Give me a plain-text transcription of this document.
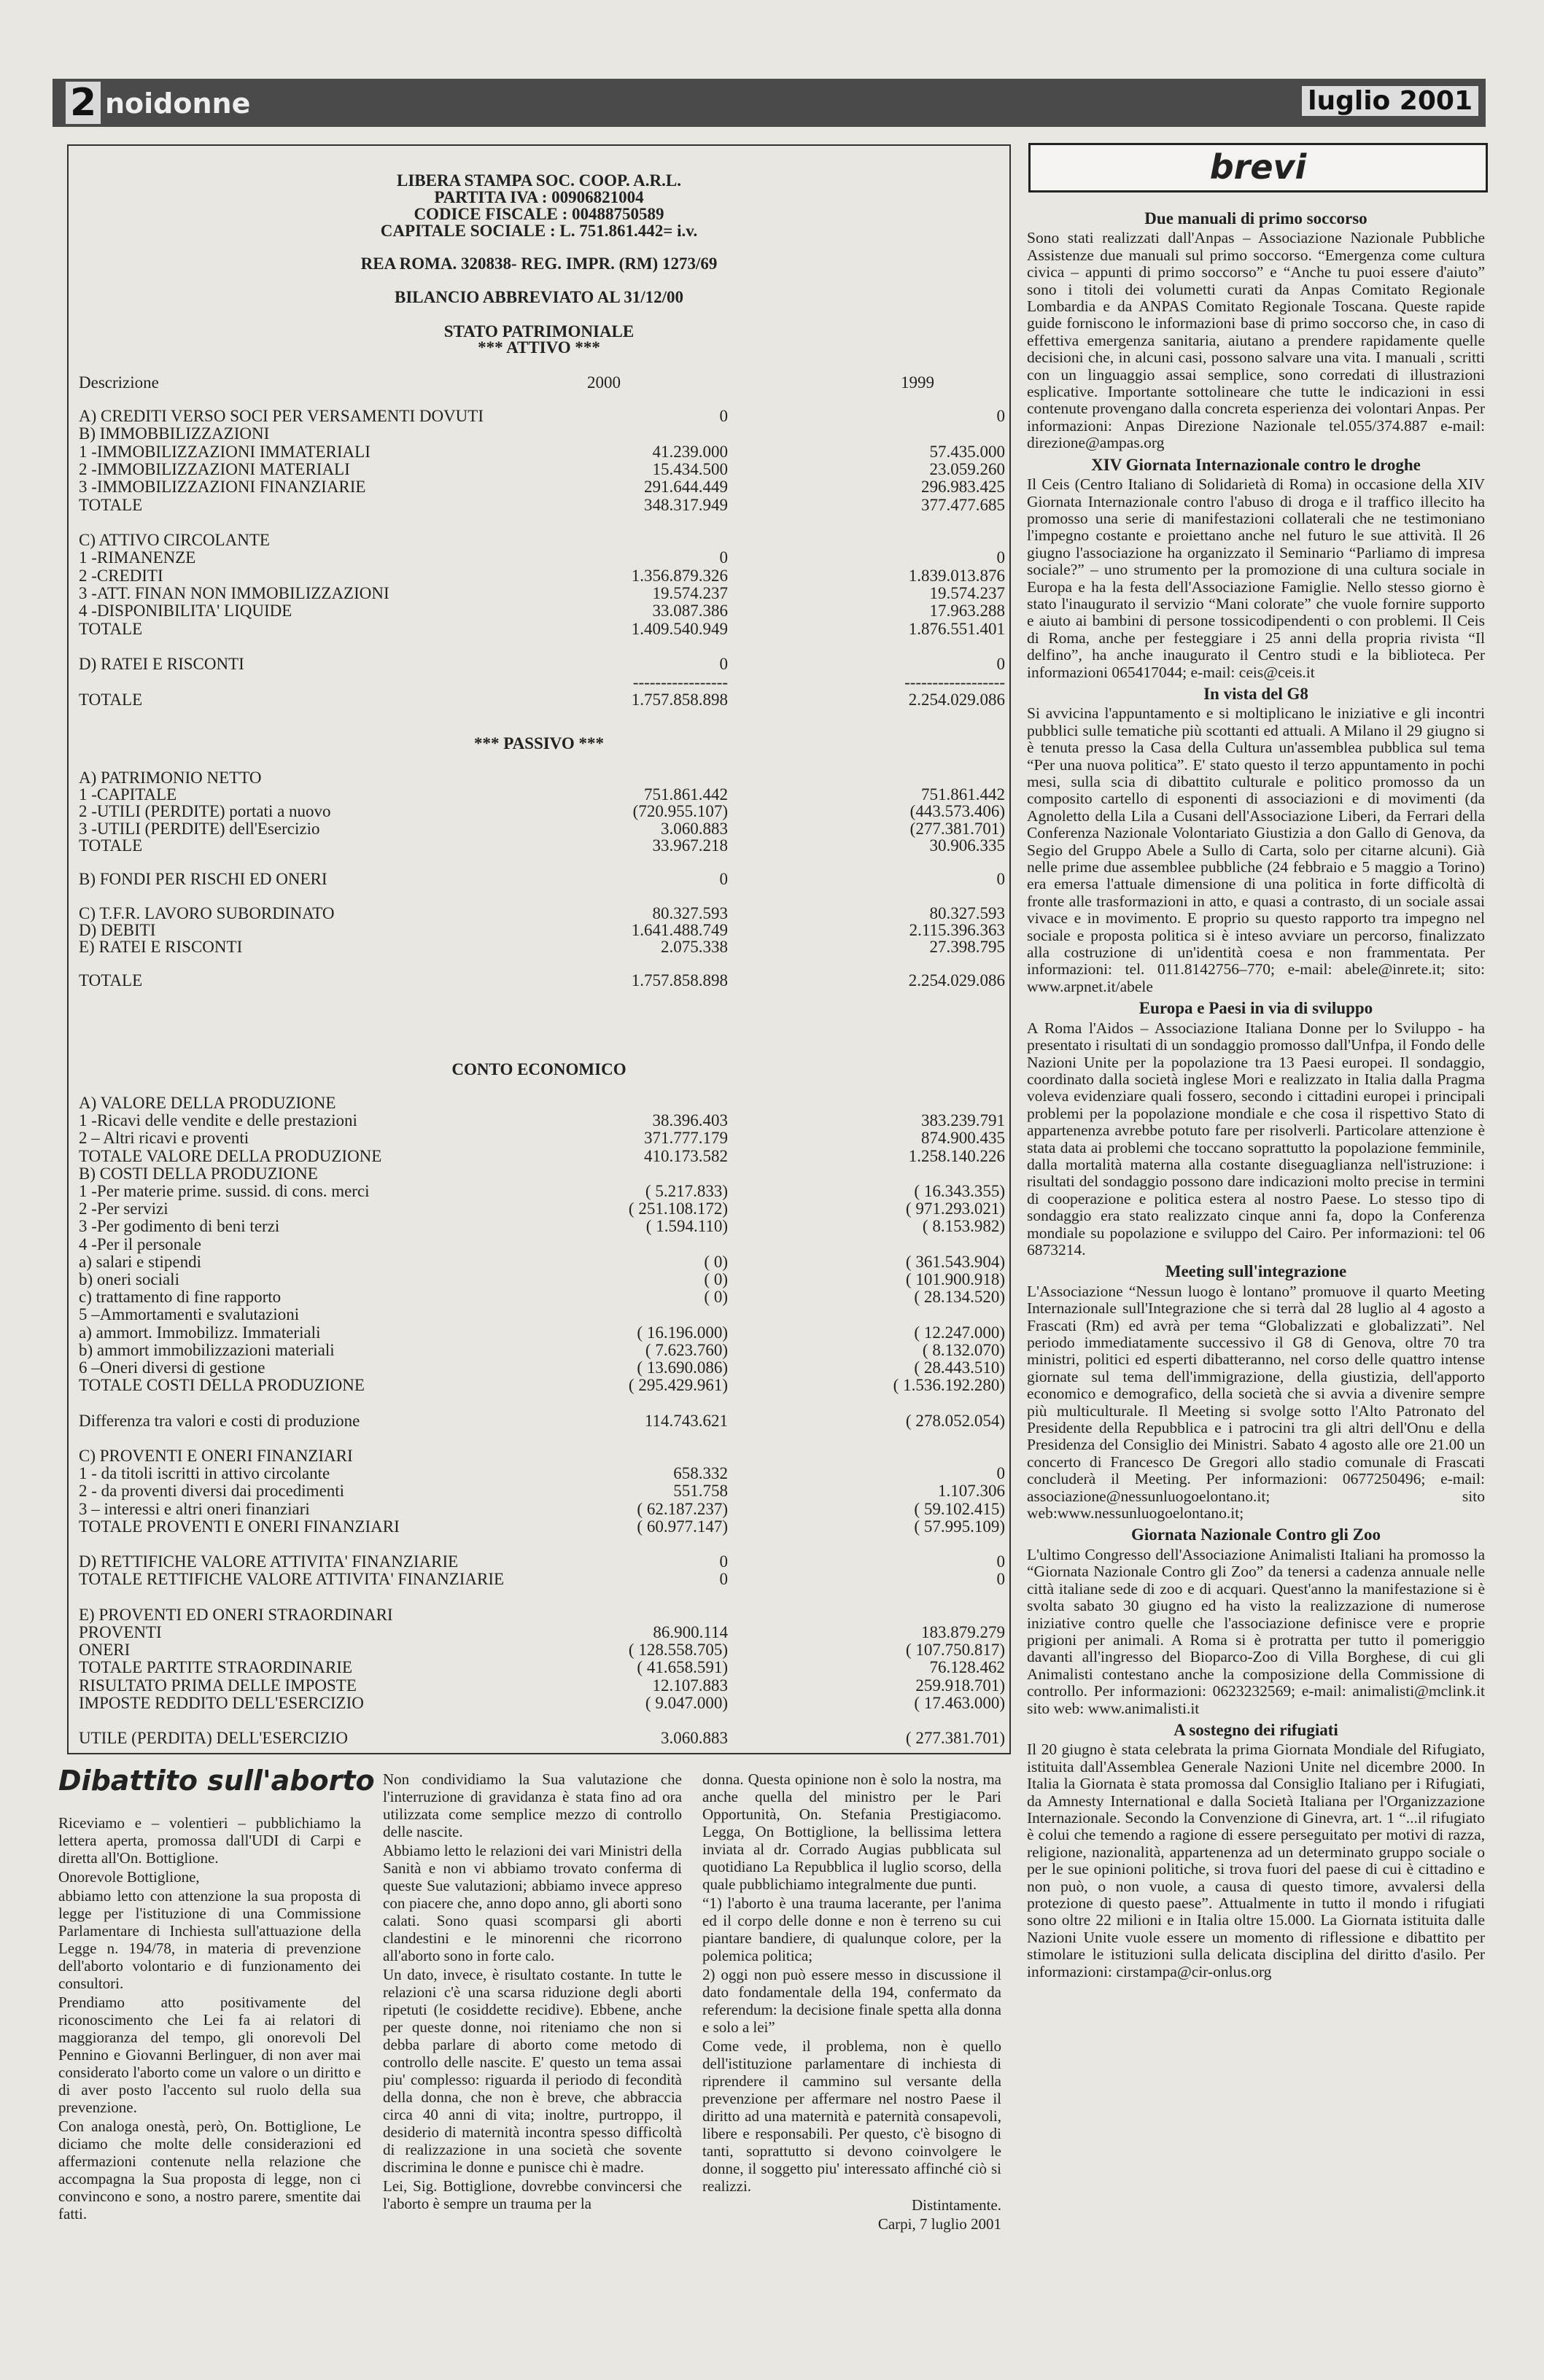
2 noidonne	luglio 2001
LIBERA STAMPA SOC. COOP. A.R.L.
PARTITA IVA : 00906821004
CODICE FISCALE : 00488750589
CAPITALE SOCIALE : L. 751.861.442= i.v.
REA ROMA. 320838- REG. IMPR. (RM) 1273/69
BILANCIO ABBREVIATO AL 31/12/00
STATO PATRIMONIALE
*** ATTIVO ***
Descrizione	2000	1999
A) CREDITI VERSO SOCI PER VERSAMENTI DOVUTI	0	0
B) IMMOBBILIZZAZIONI
1 -IMMOBILIZZAZIONI IMMATERIALI	41.239.000	57.435.000
2 -IMMOBILIZZAZIONI MATERIALI	15.434.500	23.059.260
3 -IMMOBILIZZAZIONI FINANZIARIE	291.644.449	296.983.425
TOTALE	348.317.949	377.477.685
C) ATTIVO CIRCOLANTE
1 -RIMANENZE	0	0
2 -CREDITI	1.356.879.326	1.839.013.876
3 -ATT. FINAN NON IMMOBILIZZAZIONI	19.574.237	19.574.237
4 -DISPONIBILITA' LIQUIDE	33.087.386	17.963.288
TOTALE	1.409.540.949	1.876.551.401
D) RATEI E RISCONTI	0	0
-----------------	------------------
TOTALE	1.757.858.898	2.254.029.086
*** PASSIVO ***
A) PATRIMONIO NETTO
1 -CAPITALE	751.861.442	751.861.442
2 -UTILI (PERDITE) portati a nuovo	(720.955.107)	(443.573.406)
3 -UTILI (PERDITE) dell'Esercizio	3.060.883	(277.381.701)
TOTALE	33.967.218	30.906.335
B) FONDI PER RISCHI ED ONERI	0	0
C) T.F.R. LAVORO SUBORDINATO	80.327.593	80.327.593
D) DEBITI	1.641.488.749	2.115.396.363
E) RATEI E RISCONTI	2.075.338	27.398.795
TOTALE	1.757.858.898	2.254.029.086
CONTO ECONOMICO
A) VALORE DELLA PRODUZIONE
1 -Ricavi delle vendite e delle prestazioni	38.396.403	383.239.791
2 – Altri ricavi e proventi	371.777.179	874.900.435
TOTALE VALORE DELLA PRODUZIONE	410.173.582	1.258.140.226
B) COSTI DELLA PRODUZIONE
1 -Per materie prime. sussid. di cons. merci	( 5.217.833)	( 16.343.355)
2 -Per servizi	( 251.108.172)	( 971.293.021)
3 -Per godimento di beni terzi	( 1.594.110)	( 8.153.982)
4 -Per il personale
a) salari e stipendi	( 0)	( 361.543.904)
b) oneri sociali	( 0)	( 101.900.918)
c) trattamento di fine rapporto	( 0)	( 28.134.520)
5 –Ammortamenti e svalutazioni
a) ammort. Immobilizz. Immateriali	( 16.196.000)	( 12.247.000)
b) ammort immobilizzazioni materiali	( 7.623.760)	( 8.132.070)
6 –Oneri diversi di gestione	( 13.690.086)	( 28.443.510)
TOTALE COSTI DELLA PRODUZIONE	( 295.429.961)	( 1.536.192.280)
Differenza tra valori e costi di produzione	114.743.621	( 278.052.054)
C) PROVENTI E ONERI FINANZIARI
1 - da titoli iscritti in attivo circolante	658.332	0
2 - da proventi diversi dai procedimenti	551.758	1.107.306
3 – interessi e altri oneri finanziari	( 62.187.237)	( 59.102.415)
TOTALE PROVENTI E ONERI FINANZIARI	( 60.977.147)	( 57.995.109)
D) RETTIFICHE VALORE ATTIVITA' FINANZIARIE	0	0
TOTALE RETTIFICHE VALORE ATTIVITA' FINANZIARIE	0	0
E) PROVENTI ED ONERI STRAORDINARI
PROVENTI	86.900.114	183.879.279
ONERI	( 128.558.705)	( 107.750.817)
TOTALE PARTITE STRAORDINARIE	( 41.658.591)	76.128.462
RISULTATO PRIMA DELLE IMPOSTE	12.107.883	259.918.701)
IMPOSTE REDDITO DELL'ESERCIZIO	( 9.047.000)	( 17.463.000)
UTILE (PERDITA) DELL'ESERCIZIO	3.060.883	( 277.381.701)
brevi
Due manuali di primo soccorso

Sono stati realizzati dall'Anpas – Associazione Nazionale Pubbliche Assistenze due manuali sul primo soccorso. “Emergenza come cultura civica – appunti di primo soccorso” e “Anche tu puoi essere d'aiuto” sono i titoli dei volumetti curati da Anpas Comitato Regionale Lombardia e da ANPAS Comitato Regionale Toscana. Queste rapide guide forniscono le informazioni base di primo soccorso che, in caso di effettiva emergenza sanitaria, aiutano a prendere rapidamente quelle decisioni che, in alcuni casi, possono salvare una vita. I manuali , scritti con un linguaggio assai semplice, sono corredati di illustrazioni esplicative. Importante sottolineare che tutte le indicazioni in essi contenute provengano dalla concreta esperienza dei volontari Anpas. Per informazioni: Anpas Direzione Nazionale tel.055/374.887 e-mail: direzione@ampas.org

XIV Giornata Internazionale contro le droghe

Il Ceis (Centro Italiano di Solidarietà di Roma) in occasione della XIV Giornata Internazionale contro l'abuso di droga e il traffico illecito ha promosso una serie di manifestazioni collaterali che ne testimoniano l'impegno costante e proiettano anche nel futuro le sue attività. Il 26 giugno l'associazione ha organizzato il Seminario “Parliamo di impresa sociale?” – uno strumento per la promozione di una cultura sociale in Europa e ha la festa dell'Associazione Famiglie. Nello stesso giorno è stato l'inaugurato il servizio “Mani colorate” che vuole fornire supporto e aiuto ai bambini di persone tossicodipendenti o con problemi. Il Ceis di Roma, anche per festeggiare i 25 anni della propria rivista “Il delfino”, ha anche inaugurato il Centro studi e la biblioteca. Per informazioni 065417044; e-mail: ceis@ceis.it

In vista del G8

Si avvicina l'appuntamento e si moltiplicano le iniziative e gli incontri pubblici sulle tematiche più scottanti ed attuali. A Milano il 29 giugno si è tenuta presso la Casa della Cultura un'assemblea pubblica sul tema “Per una nuova politica”. E' stato questo il terzo appuntamento in pochi mesi, sulla scia di dibattito culturale e politico promosso da un composito cartello di esponenti di associazioni e di movimenti (da Agnoletto della Lila a Cusani dell'Associazione Liberi, da Ferrari della Conferenza Nazionale Volontariato Giustizia a don Gallo di Genova, da Segio del Gruppo Abele a Sullo di Carta, solo per citarne alcuni). Già nelle prime due assemblee pubbliche (24 febbraio e 5 maggio a Torino) era emersa l'attuale dimensione di una politica in forte difficoltà di fronte alle trasformazioni in atto, e quasi a contrasto, di un sociale assai vivace e in movimento. E proprio su questo rapporto tra impegno nel sociale e proposta politica si è inteso avviare un percorso, finalizzato alla costruzione di un'identità coesa e non frammentata. Per informazioni: tel. 011.8142756–770; e-mail: abele@inrete.it; sito: www.arpnet.it/abele

Europa e Paesi in via di sviluppo

A Roma l'Aidos – Associazione Italiana Donne per lo Sviluppo - ha presentato i risultati di un sondaggio promosso dall'Unfpa, il Fondo delle Nazioni Unite per la popolazione tra 13 Paesi europei. Il sondaggio, coordinato dalla società inglese Mori e realizzato in Italia dalla Pragma voleva evidenziare quali fossero, secondo i cittadini europei i principali problemi per la popolazione mondiale e che cosa il rispettivo Stato di appartenenza avrebbe potuto fare per risolverli. Particolare attenzione è stata data ai problemi che toccano soprattutto la popolazione femminile, dalla mortalità materna alla costante diseguaglianza nell'istruzione: i risultati del sondaggio possono dare indicazioni molto precise in termini di cooperazione e politica estera al nostro Paese. Lo stesso tipo di sondaggio era stato realizzato cinque anni fa, dopo la Conferenza mondiale su popolazione e sviluppo del Cairo. Per informazioni: tel 06 6873214.

Meeting sull'integrazione

L'Associazione “Nessun luogo è lontano” promuove il quarto Meeting Internazionale sull'Integrazione che si terrà dal 28 luglio al 4 agosto a Frascati (Rm) ed avrà per tema “Globalizzati e globalizzati”. Nel periodo immediatamente successivo il G8 di Genova, oltre 70 tra ministri, politici ed esperti dibatteranno, nel corso delle quattro intense giornate sul tema dell'immigrazione, della giustizia, dell'apporto economico e demografico, della società che si avvia a divenire sempre più multiculturale. Il Meeting si svolge sotto l'Alto Patronato del Presidente della Repubblica e i patrocini tra gli altri dell'Onu e della Presidenza del Consiglio dei Ministri. Sabato 4 agosto alle ore 21.00 un concerto di Francesco De Gregori allo stadio comunale di Frascati concluderà il Meeting. Per informazioni: 0677250496; e-mail: associazione@nessunluogoelontano.it; sito web:www.nessunluogoelontano.it;

Giornata Nazionale Contro gli Zoo

L'ultimo Congresso dell'Associazione Animalisti Italiani ha promosso la “Giornata Nazionale Contro gli Zoo” da tenersi a cadenza annuale nelle città italiane sede di zoo e di acquari. Quest'anno la manifestazione si è svolta sabato 30 giugno ed ha visto la realizzazione di numerose iniziative contro quelle che l'associazione definisce vere e proprie prigioni per animali. A Roma si è protratta per tutto il pomeriggio davanti all'ingresso del Bioparco-Zoo di Villa Borghese, di cui gli Animalisti contestano anche la composizione della Commissione di controllo. Per informazioni: 0623232569; e-mail: animalisti@mclink.it sito web: www.animalisti.it

A sostegno dei rifugiati

Il 20 giugno è stata celebrata la prima Giornata Mondiale del Rifugiato, istituita dall'Assemblea Generale Nazioni Unite nel dicembre 2000. In Italia la Giornata è stata promossa dal Consiglio Italiano per i Rifugiati, da Amnesty International e dalla Società Italiana per l'Organizzazione Internazionale. Secondo la Convenzione di Ginevra, art. 1 “...il rifugiato è colui che temendo a ragione di essere perseguitato per motivi di razza, religione, nazionalità, appartenenza ad un determinato gruppo sociale o per le sue opinioni politiche, si trova fuori del paese di cui è cittadino e non può, o non vuole, a causa di questo timore, avvalersi della protezione di questo paese”. Attualmente in tutto il mondo i rifugiati sono oltre 22 milioni e in Italia oltre 15.000. La Giornata istituita dalle Nazioni Unite vuole essere un momento di riflessione e dibattito per stimolare le istituzioni sulla delicata disciplina del diritto d'asilo. Per informazioni: cirstampa@cir-onlus.org

Dibattito sull'aborto

Riceviamo e – volentieri – pubblichiamo la lettera aperta, promossa dall'UDI di Carpi e diretta all'On. Bottiglione.

Onorevole Bottiglione,

abbiamo letto con attenzione la sua proposta di legge per l'istituzione di una Commissione Parlamentare di Inchiesta sull'attuazione della Legge n. 194/78, in materia di prevenzione dell'aborto volontario e di funzionamento dei consultori.

Prendiamo atto positivamente del riconoscimento che Lei fa ai relatori di maggioranza del tempo, gli onorevoli Del Pennino e Giovanni Berlinguer, di non aver mai considerato l'aborto come un valore o un diritto e di aver posto l'accento sul ruolo della sua prevenzione.

Con analoga onestà, però, On. Bottiglione, Le diciamo che molte delle considerazioni ed affermazioni contenute nella relazione che accompagna la Sua proposta di legge, non ci convincono e sono, a nostro parere, smentite dai fatti.

Non condividiamo la Sua valutazione che l'interruzione di gravidanza è stata fino ad ora utilizzata come semplice mezzo di controllo delle nascite.

Abbiamo letto le relazioni dei vari Ministri della Sanità e non vi abbiamo trovato conferma di queste Sue valutazioni; abbiamo invece appreso con piacere che, anno dopo anno, gli aborti sono calati. Sono quasi scomparsi gli aborti clandestini e le minorenni che ricorrono all'aborto sono in forte calo.

Un dato, invece, è risultato costante. In tutte le relazioni c'è una scarsa riduzione degli aborti ripetuti (le cosiddette recidive). Ebbene, anche per queste donne, noi riteniamo che non si debba parlare di aborto come metodo di controllo delle nascite. E' questo un tema assai piu' complesso: riguarda il periodo di fecondità della donna, che non è breve, che abbraccia circa 40 anni di vita; inoltre, purtroppo, il desiderio di maternità incontra spesso difficoltà di realizzazione in una società che sovente discrimina le donne e punisce chi è madre.

Lei, Sig. Bottiglione, dovrebbe convincersi che l'aborto è sempre un trauma per la

donna. Questa opinione non è solo la nostra, ma anche quella del ministro per le Pari Opportunità, On. Stefania Prestigiacomo. Legga, On Bottiglione, la bellissima lettera inviata al dr. Corrado Augias pubblicata sul quotidiano La Repubblica il luglio scorso, della quale pubblichiamo integralmente due punti.

“1) l'aborto è una trauma lacerante, per l'anima ed il corpo delle donne e non è terreno su cui piantare bandiere, di qualunque colore, per la polemica politica;

2) oggi non può essere messo in discussione il dato fondamentale della 194, confermato da referendum: la decisione finale spetta alla donna e solo a lei”

Come vede, il problema, non è quello dell'istituzione parlamentare di inchiesta di riprendere il cammino sul versante della prevenzione per affermare nel nostro Paese il diritto ad una maternità e paternità consapevoli, libere e responsabili. Per questo, c'è bisogno di tanti, soprattutto si devono coinvolgere le donne, il soggetto piu' interessato affinché ciò si realizzi.

Distintamente.

Carpi, 7 luglio 2001
